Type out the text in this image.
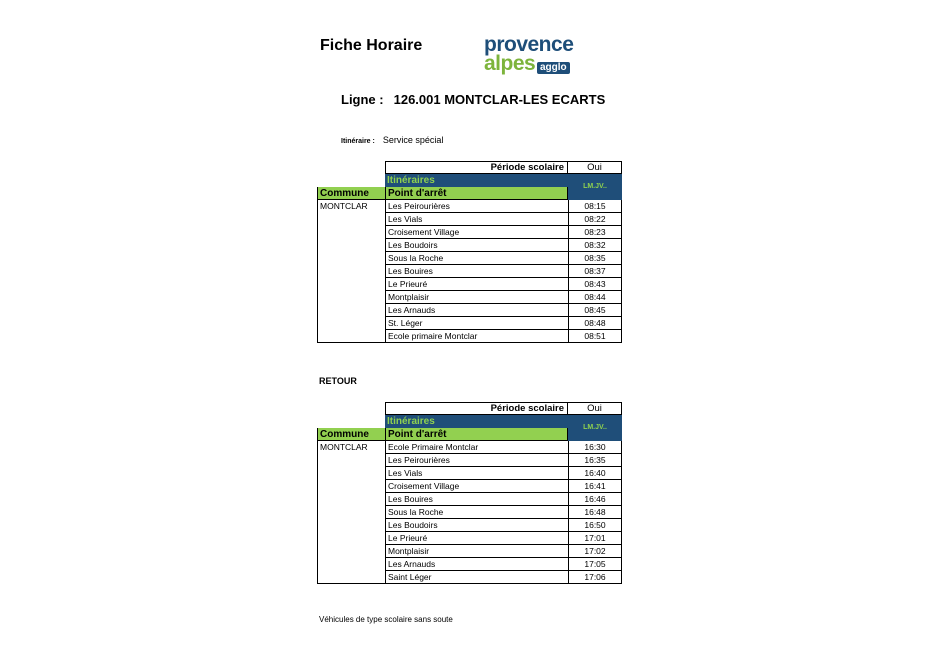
Fiche Horaire	provence
alpes agglo
Ligne : 126.001 MONTCLAR-LES ECARTS
Itinéraire : Service spécial
Période scolaire	Oui
Itinéraires
Point d'arrêt
Commune
LM.JV..
MONTCLAR	Les Peirourières	08:15
Les Vials	08:22
Croisement Village	08:23
Les Boudoirs	08:32
Sous la Roche	08:35
Les Bouires	08:37
Le Prieuré	08:43
Montplaisir	08:44
Les Arnauds	08:45
St. Léger	08:48
Ecole primaire Montclar	08:51
RETOUR
Période scolaire	Oui
Itinéraires
Point d'arrêt
Commune
LM.JV..
MONTCLAR	Ecole Primaire Montclar	16:30
Les Peirourières	16:35
Les Vials	16:40
Croisement Village	16:41
Les Bouires	16:46
Sous la Roche	16:48
Les Boudoirs	16:50
Le Prieuré	17:01
Montplaisir	17:02
Les Arnauds	17:05
Saint Léger	17:06
Véhicules de type scolaire sans soute
